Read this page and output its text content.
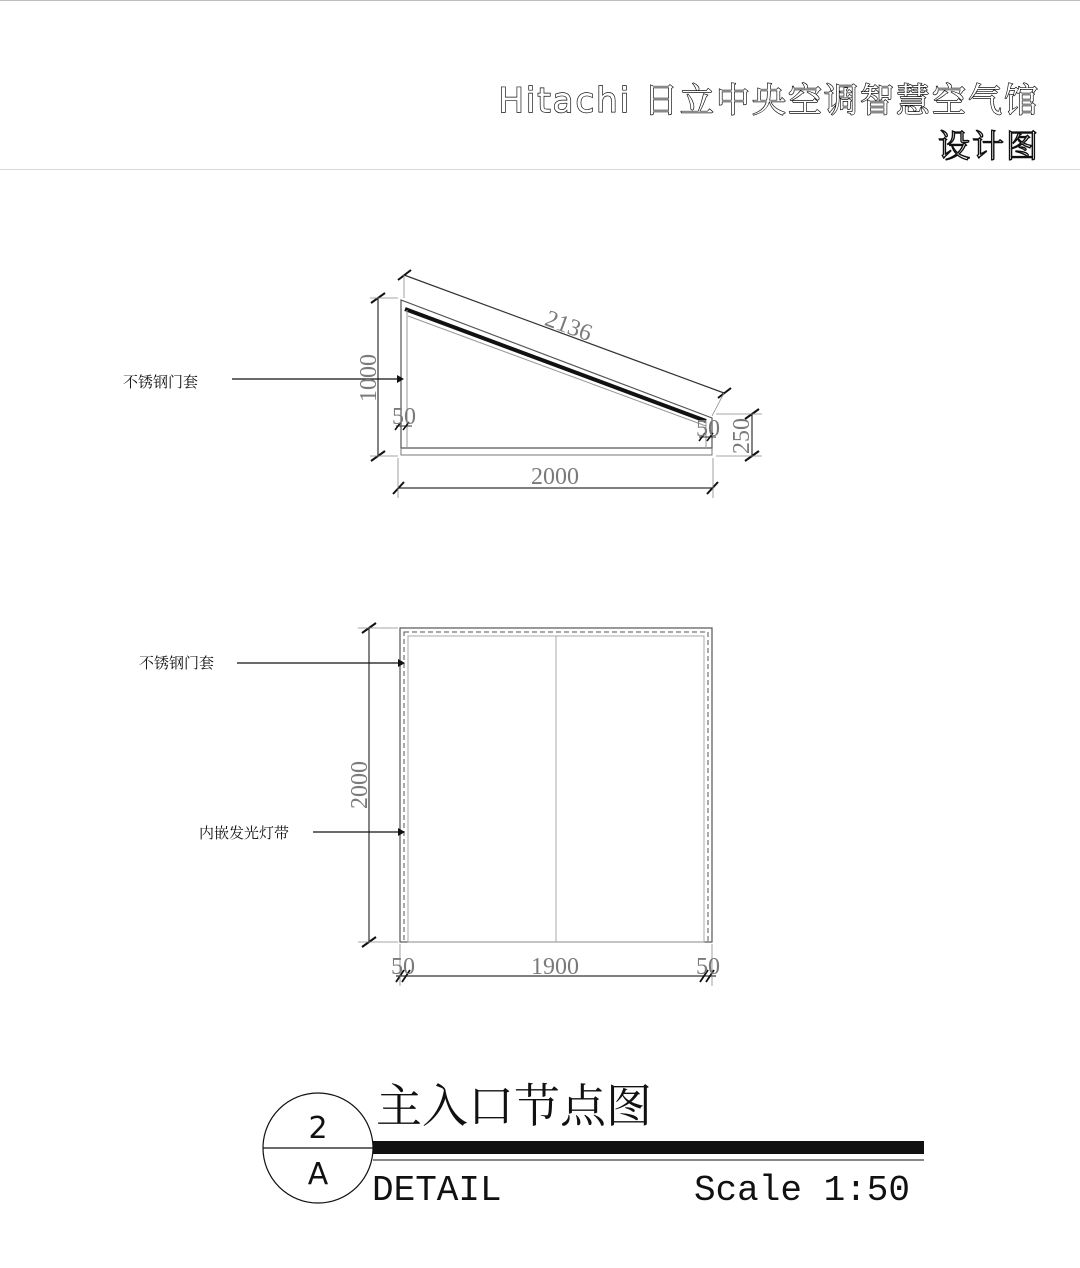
Hitachi 日立中央空调智慧空气馆
设计图
2136
1000
2000
50	50 250
不锈钢门套
2000
1900
50	50
不锈钢门套
内嵌发光灯带
2
A
主入口节点图
DETAIL	Scale 1:50
